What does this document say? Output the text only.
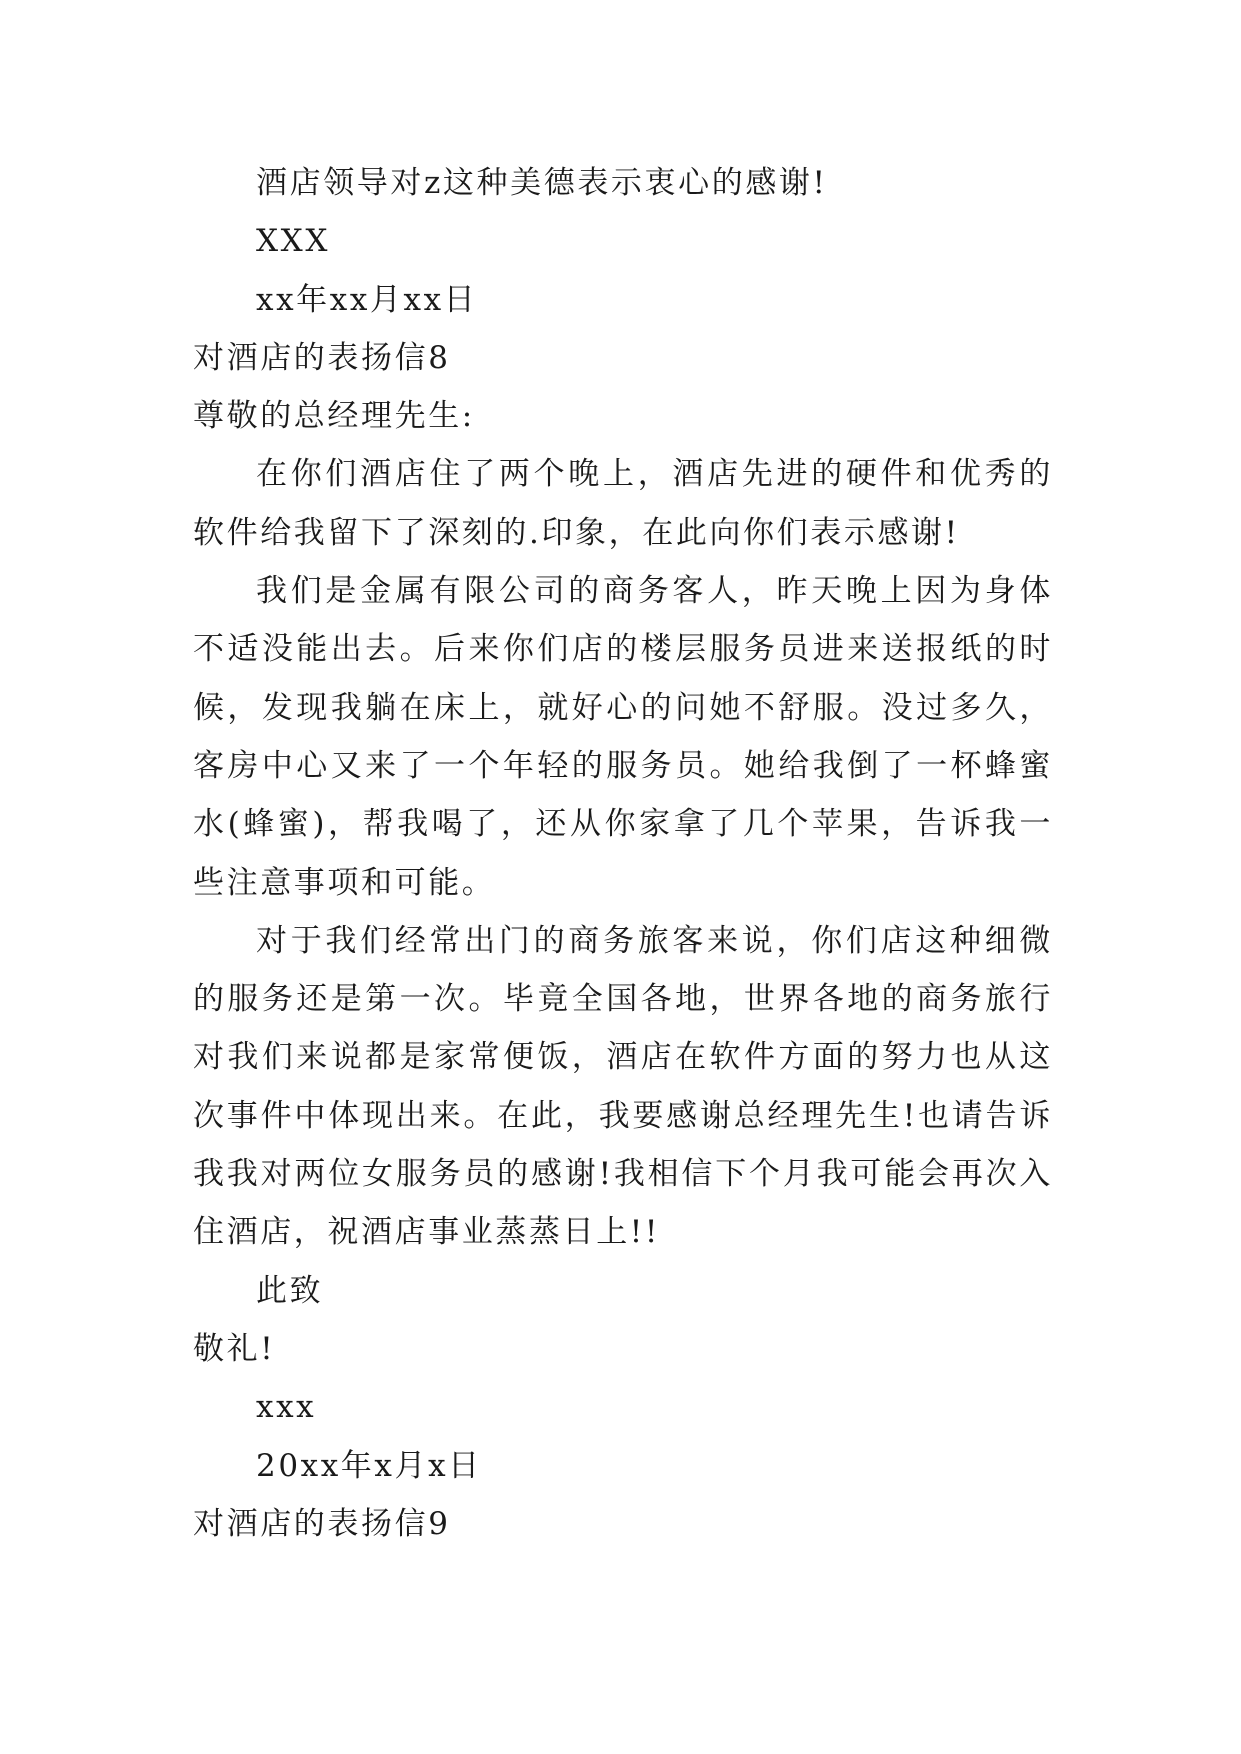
酒店领导对z这种美德表示衷心的感谢!
XXX
xx年xx月xx日
对酒店的表扬信8
尊敬的总经理先生:
在你们酒店住了两个晚上，酒店先进的硬件和优秀的软件给我留下了深刻的.印象，在此向你们表示感谢!
我们是金属有限公司的商务客人，昨天晚上因为身体不适没能出去。后来你们店的楼层服务员进来送报纸的时候，发现我躺在床上，就好心的问她不舒服。没过多久，客房中心又来了一个年轻的服务员。她给我倒了一杯蜂蜜水(蜂蜜)，帮我喝了，还从你家拿了几个苹果，告诉我一些注意事项和可能。
对于我们经常出门的商务旅客来说，你们店这种细微的服务还是第一次。毕竟全国各地，世界各地的商务旅行对我们来说都是家常便饭，酒店在软件方面的努力也从这次事件中体现出来。在此，我要感谢总经理先生!也请告诉我我对两位女服务员的感谢!我相信下个月我可能会再次入住酒店，祝酒店事业蒸蒸日上!!
此致
敬礼!
xxx
20xx年x月x日
对酒店的表扬信9
